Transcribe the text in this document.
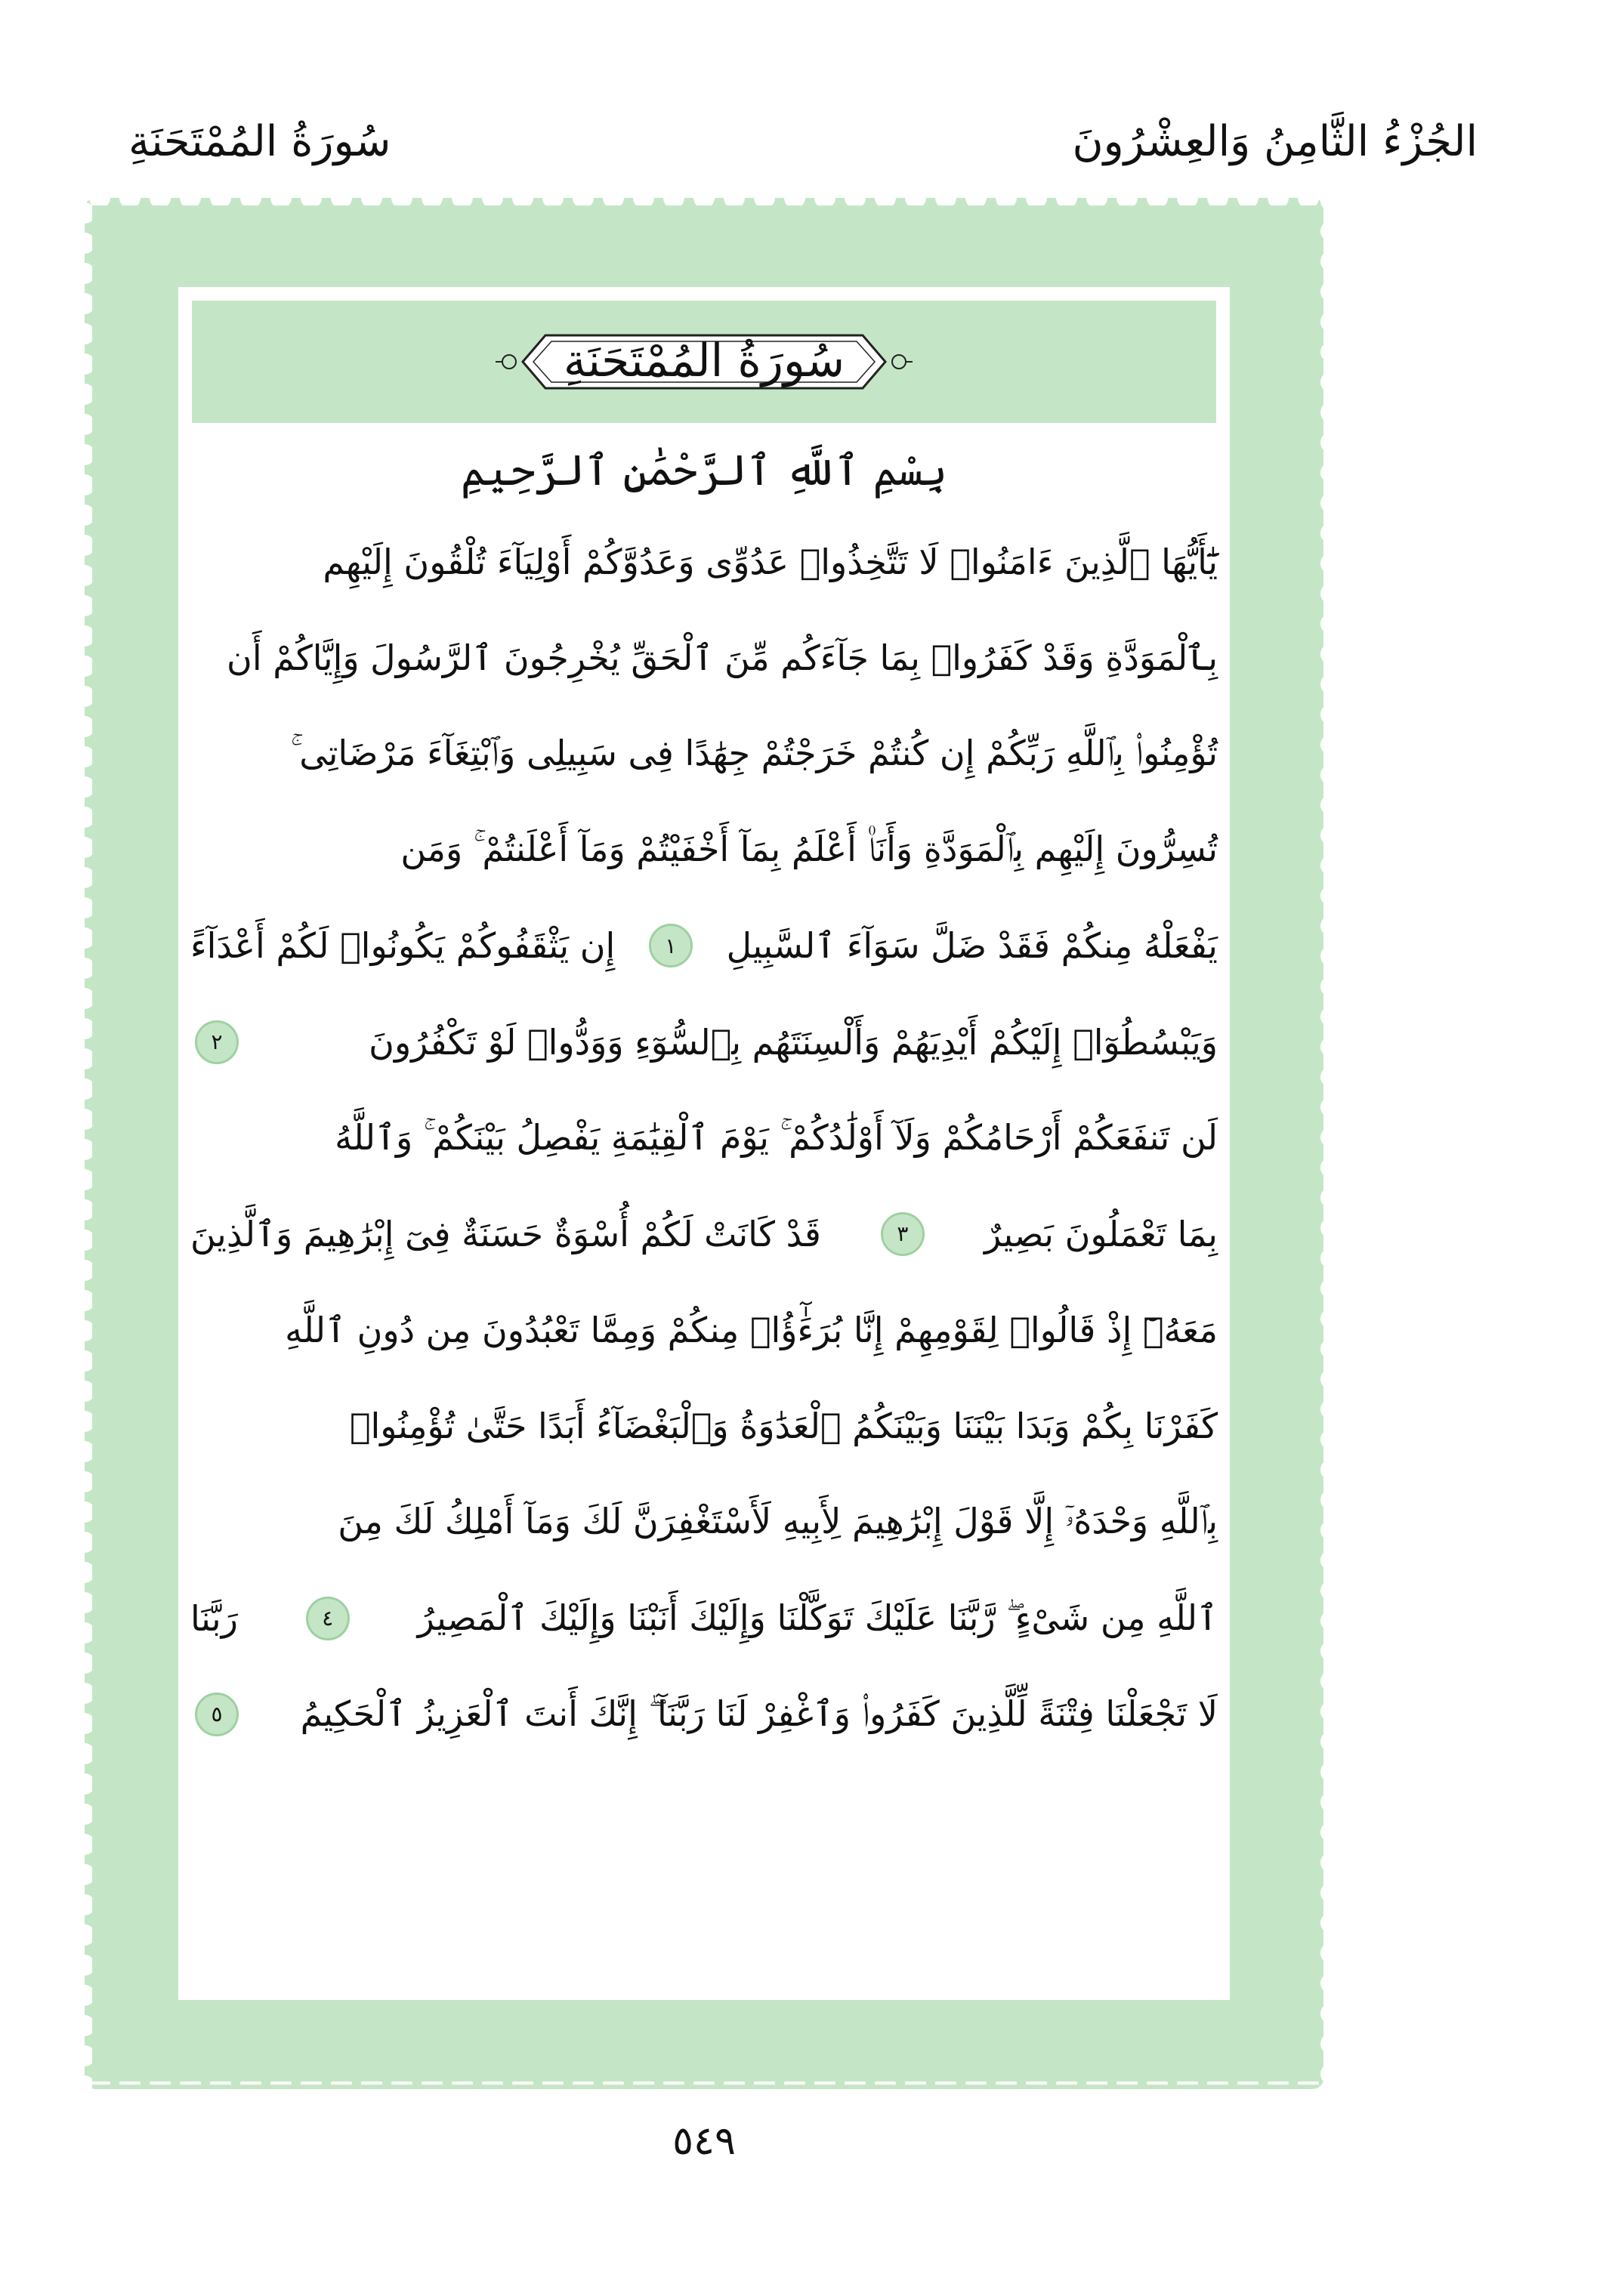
الجُزْءُ الثَّامِنُ وَالعِشْرُونَ
سُورَةُ المُمْتَحَنَةِ
سُورَةُ المُمْتَحَنَةِ
بِسْمِ ٱللَّهِ ٱلرَّحْمَٰنِ ٱلرَّحِيمِ
يَٰٓأَيُّهَا ٱلَّذِينَ ءَامَنُوا۟ لَا تَتَّخِذُوا۟ عَدُوِّى وَعَدُوَّكُمْ أَوْلِيَآءَ تُلْقُونَ إِلَيْهِم
بِٱلْمَوَدَّةِ وَقَدْ كَفَرُوا۟ بِمَا جَآءَكُم مِّنَ ٱلْحَقِّ يُخْرِجُونَ ٱلرَّسُولَ وَإِيَّاكُمْ أَن
تُؤْمِنُوا۟ بِٱللَّهِ رَبِّكُمْ إِن كُنتُمْ خَرَجْتُمْ جِهَٰدًا فِى سَبِيلِى وَٱبْتِغَآءَ مَرْضَاتِى ۚ
تُسِرُّونَ إِلَيْهِم بِٱلْمَوَدَّةِ وَأَنَا۠ أَعْلَمُ بِمَآ أَخْفَيْتُمْ وَمَآ أَعْلَنتُمْ ۚ وَمَن
يَفْعَلْهُ مِنكُمْ فَقَدْ ضَلَّ سَوَآءَ ٱلسَّبِيلِ
١
إِن يَثْقَفُوكُمْ يَكُونُوا۟ لَكُمْ أَعْدَآءً
وَيَبْسُطُوٓا۟ إِلَيْكُمْ أَيْدِيَهُمْ وَأَلْسِنَتَهُم بِٱلسُّوٓءِ وَوَدُّوا۟ لَوْ تَكْفُرُونَ
٢
لَن تَنفَعَكُمْ أَرْحَامُكُمْ وَلَآ أَوْلَٰدُكُمْ ۚ يَوْمَ ٱلْقِيَٰمَةِ يَفْصِلُ بَيْنَكُمْ ۚ وَٱللَّهُ
بِمَا تَعْمَلُونَ بَصِيرٌ
٣
قَدْ كَانَتْ لَكُمْ أُسْوَةٌ حَسَنَةٌ فِىٓ إِبْرَٰهِيمَ وَٱلَّذِينَ
مَعَهُۥٓ إِذْ قَالُوا۟ لِقَوْمِهِمْ إِنَّا بُرَءَٰٓؤُا۟ مِنكُمْ وَمِمَّا تَعْبُدُونَ مِن دُونِ ٱللَّهِ
كَفَرْنَا بِكُمْ وَبَدَا بَيْنَنَا وَبَيْنَكُمُ ٱلْعَدَٰوَةُ وَٱلْبَغْضَآءُ أَبَدًا حَتَّىٰ تُؤْمِنُوا۟
بِٱللَّهِ وَحْدَهُۥٓ إِلَّا قَوْلَ إِبْرَٰهِيمَ لِأَبِيهِ لَأَسْتَغْفِرَنَّ لَكَ وَمَآ أَمْلِكُ لَكَ مِنَ
ٱللَّهِ مِن شَىْءٍ ۖ رَّبَّنَا عَلَيْكَ تَوَكَّلْنَا وَإِلَيْكَ أَنَبْنَا وَإِلَيْكَ ٱلْمَصِيرُ
٤
رَبَّنَا
لَا تَجْعَلْنَا فِتْنَةً لِّلَّذِينَ كَفَرُوا۟ وَٱغْفِرْ لَنَا رَبَّنَآ ۖ إِنَّكَ أَنتَ ٱلْعَزِيزُ ٱلْحَكِيمُ
٥
٥٤٩
